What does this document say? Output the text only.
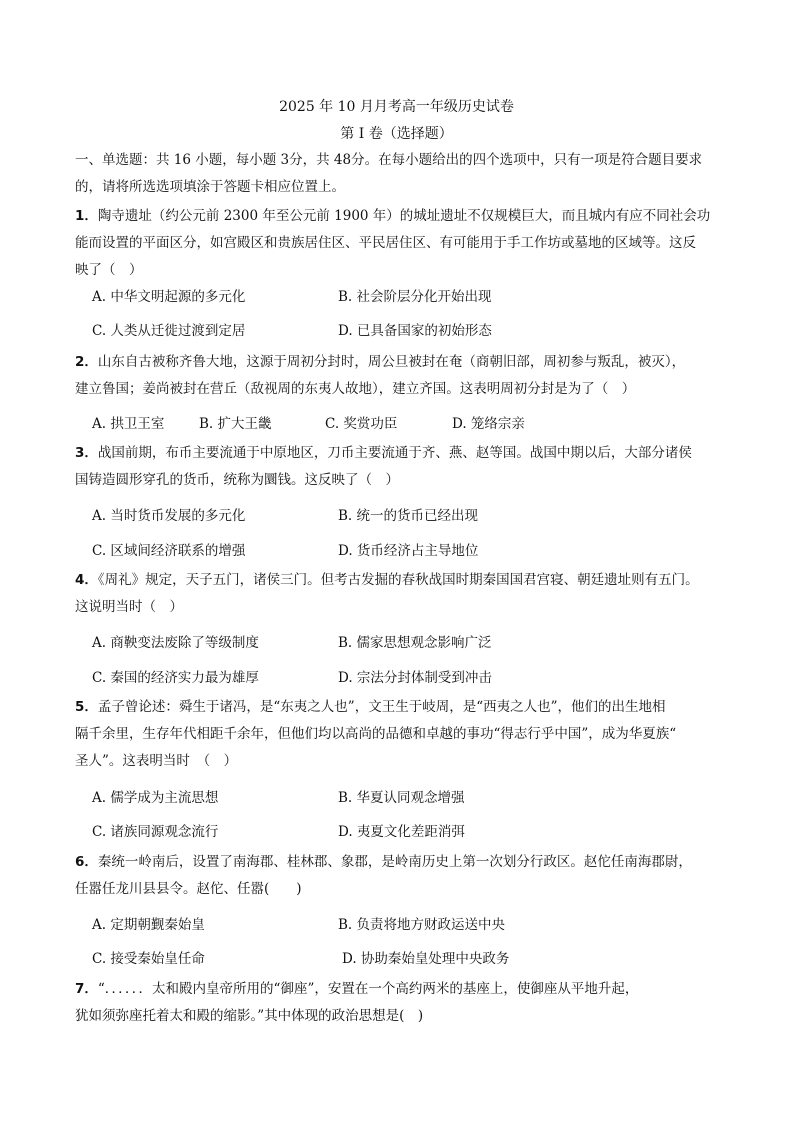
2025 年 10 月月考高一年级历史试卷
第 I 卷（选择题）
一、单选题：共 16 小题，每小题 3分，共 48分。在每小题给出的四个选项中，只有一项是符合题目要求
的，请将所选选项填涂于答题卡相应位置上。
1．陶寺遗址（约公元前 2300 年至公元前 1900 年）的城址遗址不仅规模巨大，而且城内有应不同社会功
能而设置的平面区分，如宫殿区和贵族居住区、平民居住区、有可能用于手工作坊或墓地的区域等。这反
映了（　）
A. 中华文明起源的多元化	B. 社会阶层分化开始出现
C. 人类从迁徙过渡到定居	D. 已具备国家的初始形态
2．山东自古被称齐鲁大地，这源于周初分封时，周公旦被封在奄（商朝旧部，周初参与叛乱，被灭），
建立鲁国；姜尚被封在营丘（敌视周的东夷人故地），建立齐国。这表明周初分封是为了（　）
A. 拱卫王室	B. 扩大王畿	C. 奖赏功臣	D. 笼络宗亲
3．战国前期，布币主要流通于中原地区，刀币主要流通于齐、燕、赵等国。战国中期以后，大部分诸侯
国铸造圆形穿孔的货币，统称为圜钱。这反映了（　）
A. 当时货币发展的多元化	B. 统一的货币已经出现
C. 区域间经济联系的增强	D. 货币经济占主导地位
4．《周礼》规定，天子五门，诸侯三门。但考古发掘的春秋战国时期秦国国君宫寝、朝廷遗址则有五门。
这说明当时（　）
A. 商鞅变法废除了等级制度	B. 儒家思想观念影响广泛
C. 秦国的经济实力最为雄厚	D. 宗法分封体制受到冲击
5．孟子曾论述：舜生于诸冯，是“东夷之人也”，文王生于岐周，是“西夷之人也”，他们的出生地相
隔千余里，生存年代相距千余年，但他们均以高尚的品德和卓越的事功“得志行乎中国”，成为华夏族“
圣人”。这表明当时　（　）
A. 儒学成为主流思想	B. 华夏认同观念增强
C. 诸族同源观念流行	D. 夷夏文化差距消弭
6．秦统一岭南后，设置了南海郡、桂林郡、象郡，是岭南历史上第一次划分行政区。赵佗任南海郡尉，
任嚣任龙川县县令。赵佗、任嚣(　　)
A. 定期朝觐秦始皇	B. 负责将地方财政运送中央
C. 接受秦始皇任命	D. 协助秦始皇处理中央政务
7．“．．．．．．太和殿内皇帝所用的“御座”，安置在一个高约两米的基座上，使御座从平地升起，
犹如须弥座托着太和殿的缩影。”其中体现的政治思想是(　)
